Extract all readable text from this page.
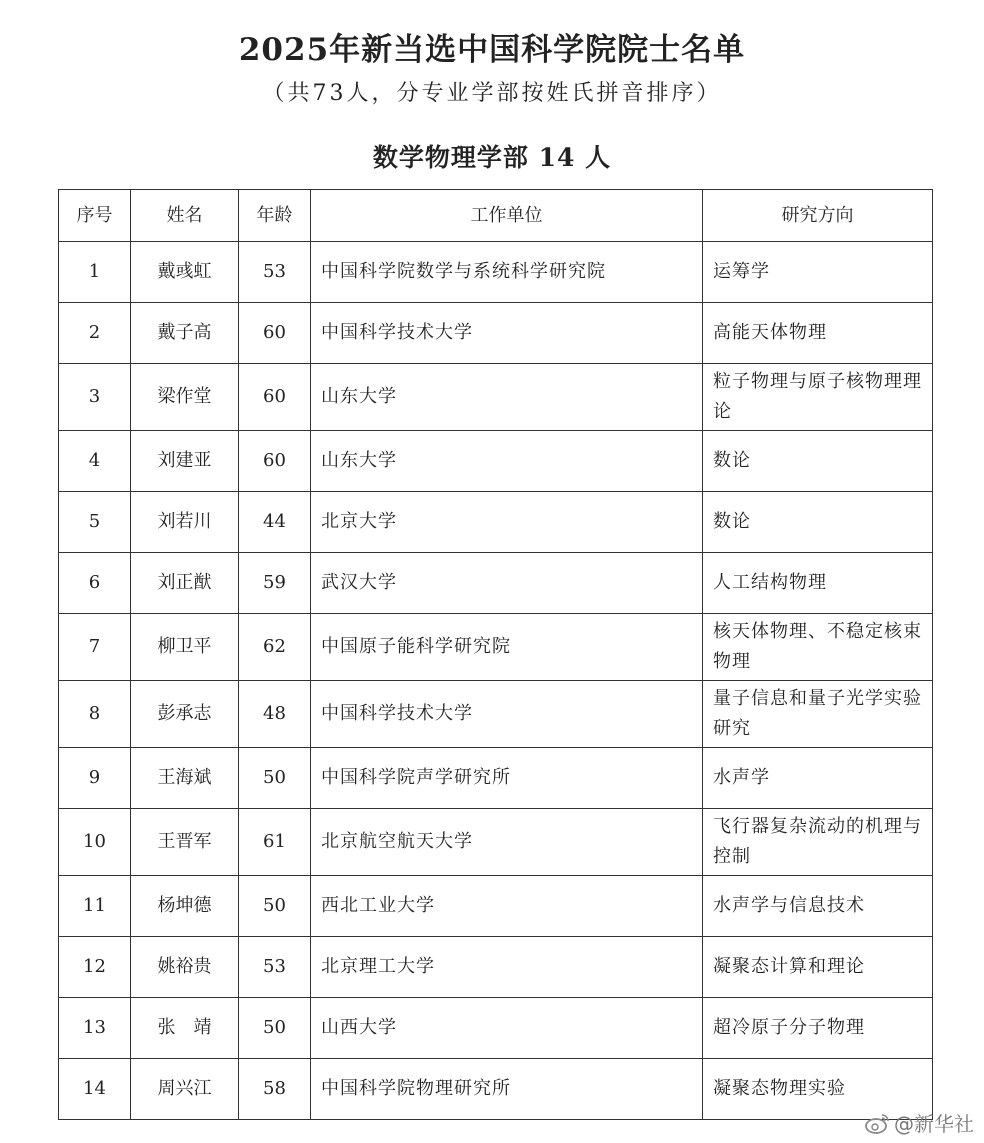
2025年新当选中国科学院院士名单
（共73人，分专业学部按姓氏拼音排序）
数学物理学部 14 人
序号	姓名	年龄	工作单位	研究方向
1	戴彧虹	53	中国科学院数学与系统科学研究院	运筹学
2	戴子高	60	中国科学技术大学	高能天体物理
3	梁作堂	60	山东大学	粒子物理与原子核物理理论
4	刘建亚	60	山东大学	数论
5	刘若川	44	北京大学	数论
6	刘正猷	59	武汉大学	人工结构物理
7	柳卫平	62	中国原子能科学研究院	核天体物理、不稳定核束物理
8	彭承志	48	中国科学技术大学	量子信息和量子光学实验研究
9	王海斌	50	中国科学院声学研究所	水声学
10	王晋军	61	北京航空航天大学	飞行器复杂流动的机理与控制
11	杨坤德	50	西北工业大学	水声学与信息技术
12	姚裕贵	53	北京理工大学	凝聚态计算和理论
13	张　靖	50	山西大学	超冷原子分子物理
14	周兴江	58	中国科学院物理研究所	凝聚态物理实验
@新华社
